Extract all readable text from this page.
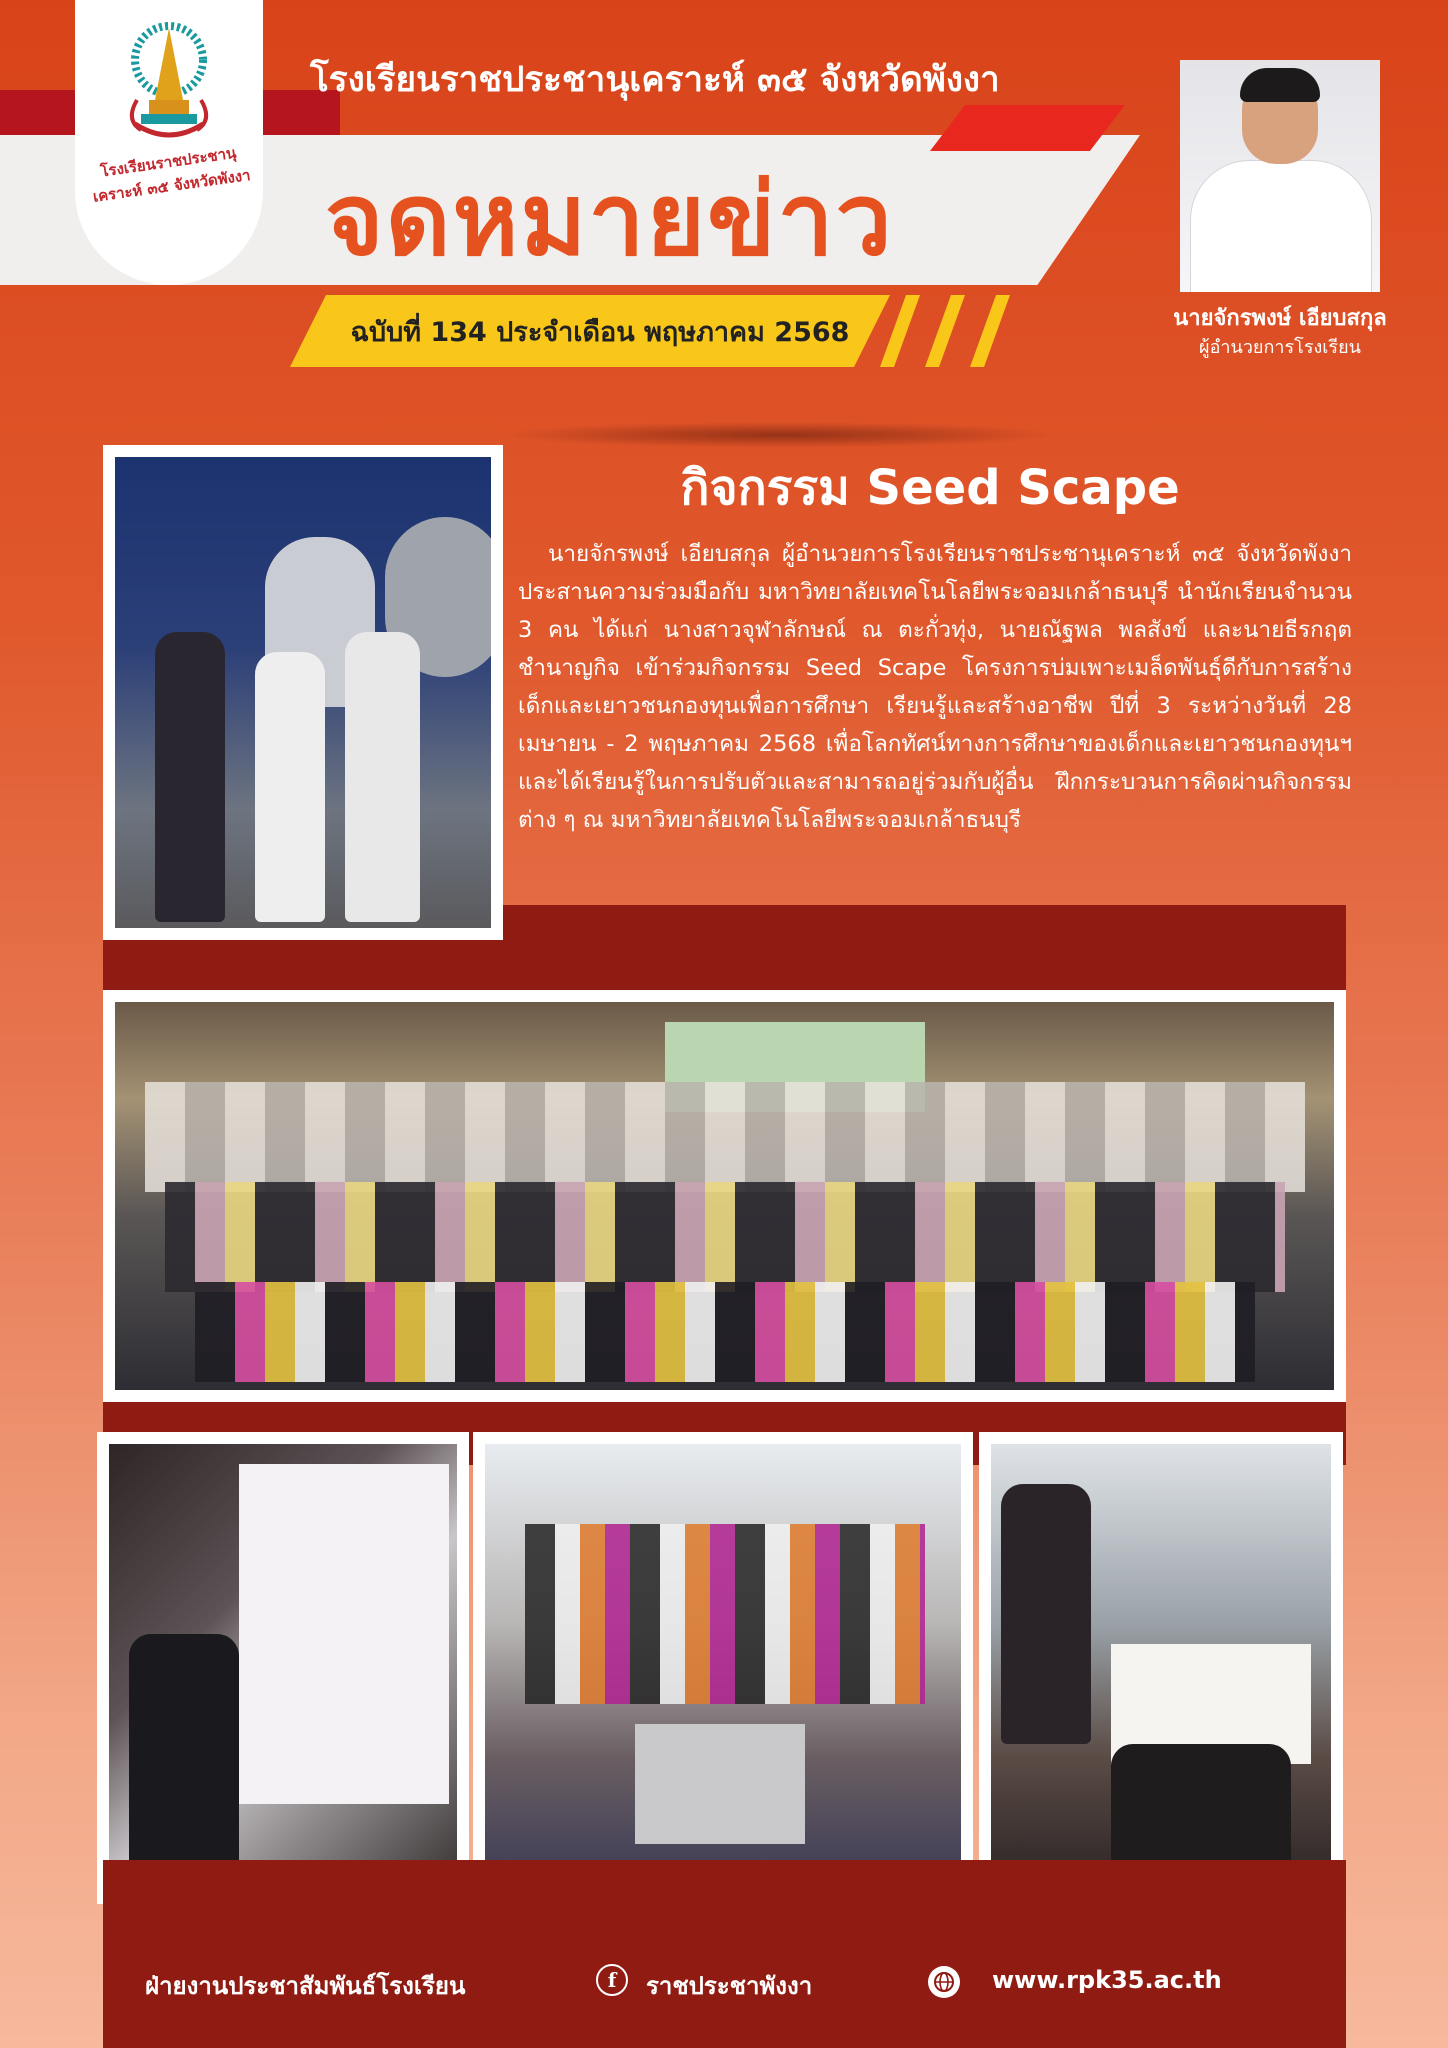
โรงเรียนราชประชานุเคราะห์ ๓๕ จังหวัดพังงา
โรงเรียนราชประชานุเคราะห์ ๓๕ จังหวัดพังงา
จดหมายข่าว
ฉบับที่ 134 ประจำเดือน พฤษภาคม 2568	นายจักรพงษ์ เอียบสกุล
ผู้อำนวยการโรงเรียน
กิจกรรม Seed Scape
นายจักรพงษ์ เอียบสกุล ผู้อำนวยการโรงเรียนราชประชานุเคราะห์ ๓๕ จังหวัดพังงา ประสานความร่วมมือกับ มหาวิทยาลัยเทคโนโลยีพระจอมเกล้าธนบุรี นำนักเรียนจำนวน 3 คน ได้แก่ นางสาวจุฬาลักษณ์ ณ ตะกั่วทุ่ง, นายณัฐพล พลสังข์ และนายธีรกฤต ชำนาญกิจ เข้าร่วมกิจกรรม Seed Scape โครงการบ่มเพาะเมล็ดพันธุ์ดีกับการสร้างเด็กและเยาวชนกองทุนเพื่อการศึกษา เรียนรู้และสร้างอาชีพ ปีที่ 3 ระหว่างวันที่ 28 เมษายน - 2 พฤษภาคม 2568 เพื่อโลกทัศน์ทางการศึกษาของเด็กและเยาวชนกองทุนฯ และได้เรียนรู้ในการปรับตัวและสามารถอยู่ร่วมกับผู้อื่น ฝึกกระบวนการคิดผ่านกิจกรรมต่าง ๆ ณ มหาวิทยาลัยเทคโนโลยีพระจอมเกล้าธนบุรี
ฝ่ายงานประชาสัมพันธ์โรงเรียน	f	ราชประชาพังงา	www.rpk35.ac.th
